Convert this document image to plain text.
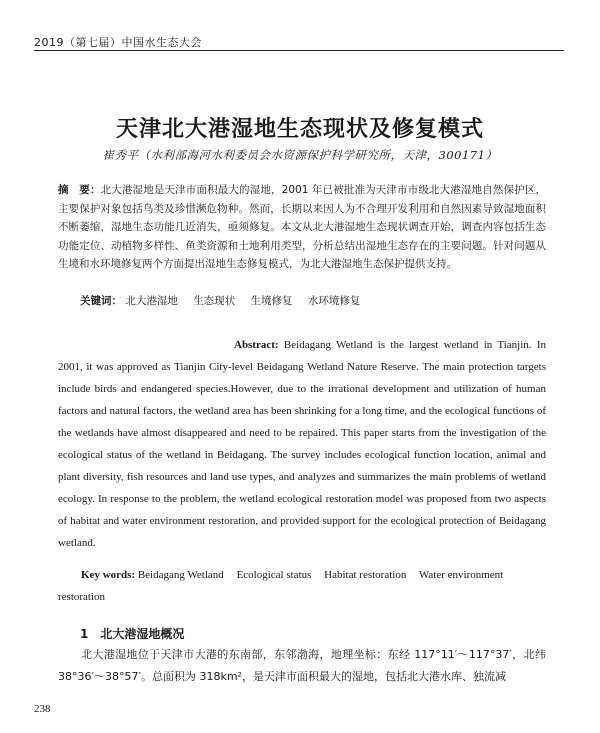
2019（第七届）中国水生态大会
天津北大港湿地生态现状及修复模式
崔秀平（水利部海河水利委员会水资源保护科学研究所，天津，300171）
摘　要：北大港湿地是天津市面积最大的湿地，2001 年已被批准为天津市市级北大港湿地自然保护区，主要保护对象包括鸟类及珍惜濒危物种。然而，长期以来因人为不合理开发利用和自然因素导致湿地面积不断萎缩，湿地生态功能几近消失，亟须修复。本文从北大港湿地生态现状调查开始，调查内容包括生态功能定位、动植物多样性、鱼类资源和土地利用类型，分析总结出湿地生态存在的主要问题。针对问题从生境和水环境修复两个方面提出湿地生态修复模式，为北大港湿地生态保护提供支持。
关键词： 北大港湿地 生态现状 生境修复 水环境修复
Abstract: Beidagang Wetland is the largest wetland in Tianjin. In 2001, it was approved as Tianjin City-level Beidagang Wetland Nature Reserve. The main protection targets include birds and endangered species.However, due to the irrational development and utilization of human factors and natural factors, the wetland area has been shrinking for a long time, and the ecological functions of the wetlands have almost disappeared and need to be repaired. This paper starts from the investigation of the ecological status of the wetland in Beidagang. The survey includes ecological function location, animal and plant diversity, fish resources and land use types, and analyzes and summarizes the main problems of wetland ecology. In response to the problem, the wetland ecological restoration model was proposed from two aspects of habitat and water environment restoration, and provided support for the ecological protection of Beidagang wetland.
Key words: Beidagang Wetland Ecological status Habitat restoration Water environment restoration
1 北大港湿地概况
北大港湿地位于天津市大港的东南部，东邻渤海，地理坐标：东经 117°11′～117°37′，北纬 38°36′～38°57′。总面积为 318km²，是天津市面积最大的湿地，包括北大港水库、独流减
238
